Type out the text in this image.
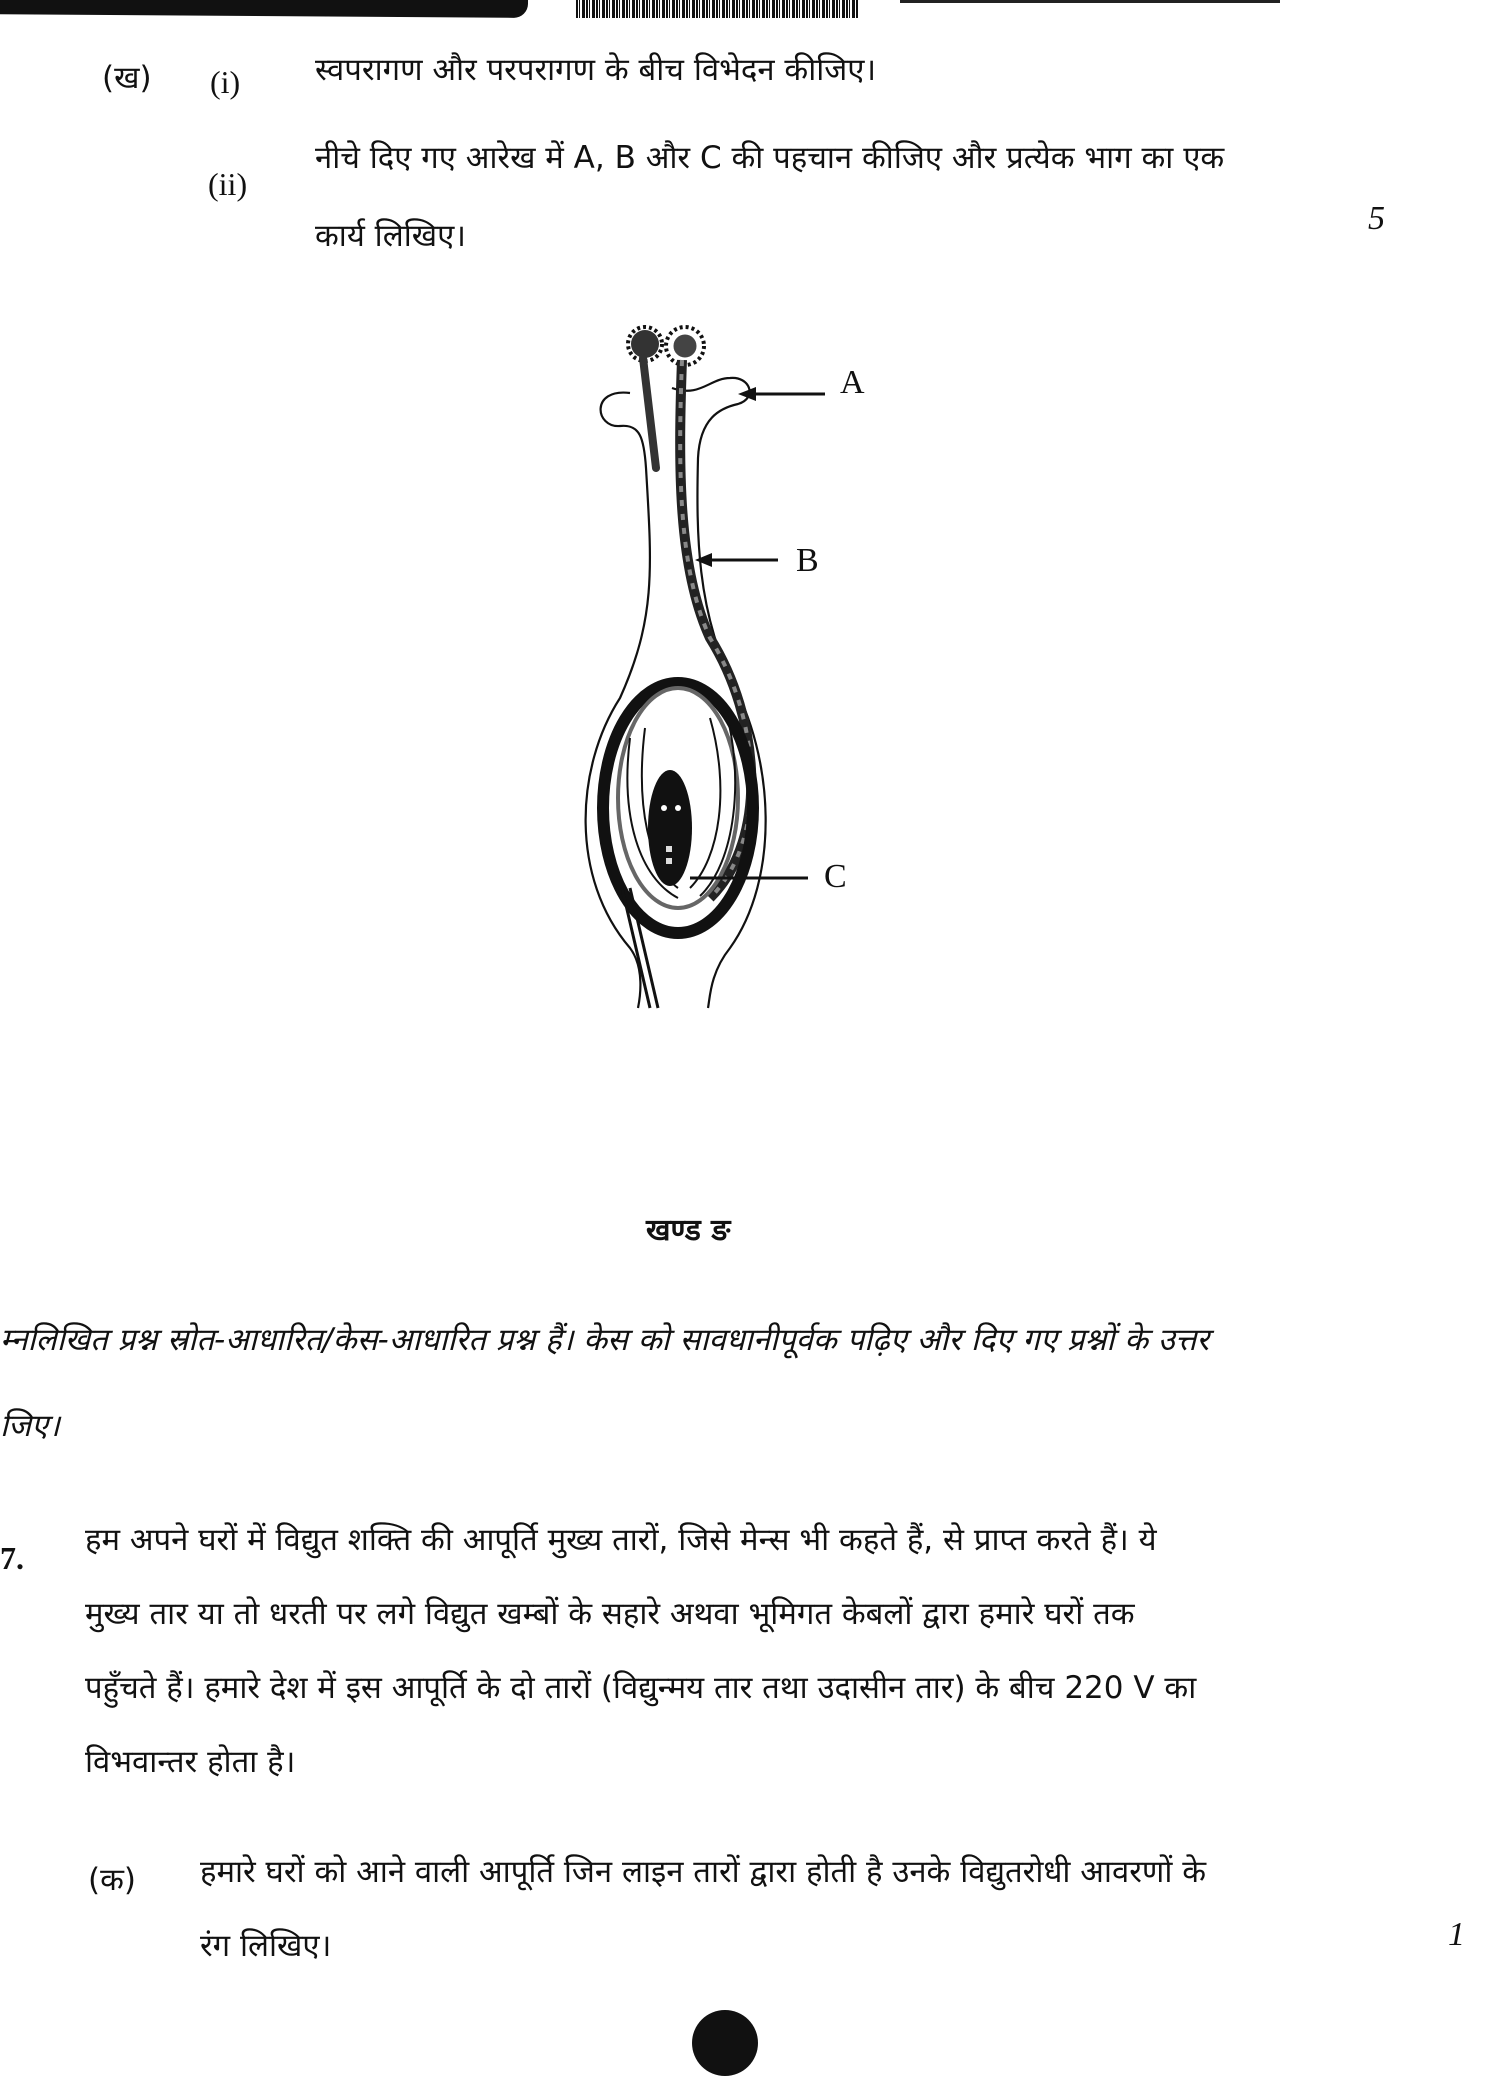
(ख) (i) स्वपरागण और परपरागण के बीच विभेदन कीजिए।
(ii)
नीचे दिए गए आरेख में A, B और C की पहचान कीजिए और प्रत्येक भाग का एक
कार्य लिखिए।	5
A
B
C
खण्ड ङ
म्नलिखित प्रश्न स्रोत-आधारित/केस-आधारित प्रश्न हैं। केस को सावधानीपूर्वक पढ़िए और दिए गए प्रश्नों के उत्तर
जिए।
7. हम अपने घरों में विद्युत शक्ति की आपूर्ति मुख्य तारों, जिसे मेन्स भी कहते हैं, से प्राप्त करते हैं। ये
मुख्य तार या तो धरती पर लगे विद्युत खम्बों के सहारे अथवा भूमिगत केबलों द्वारा हमारे घरों तक
पहुँचते हैं। हमारे देश में इस आपूर्ति के दो तारों (विद्युन्मय तार तथा उदासीन तार) के बीच 220 V का
विभवान्तर होता है।
(क) हमारे घरों को आने वाली आपूर्ति जिन लाइन तारों द्वारा होती है उनके विद्युतरोधी आवरणों के
रंग लिखिए।	1
